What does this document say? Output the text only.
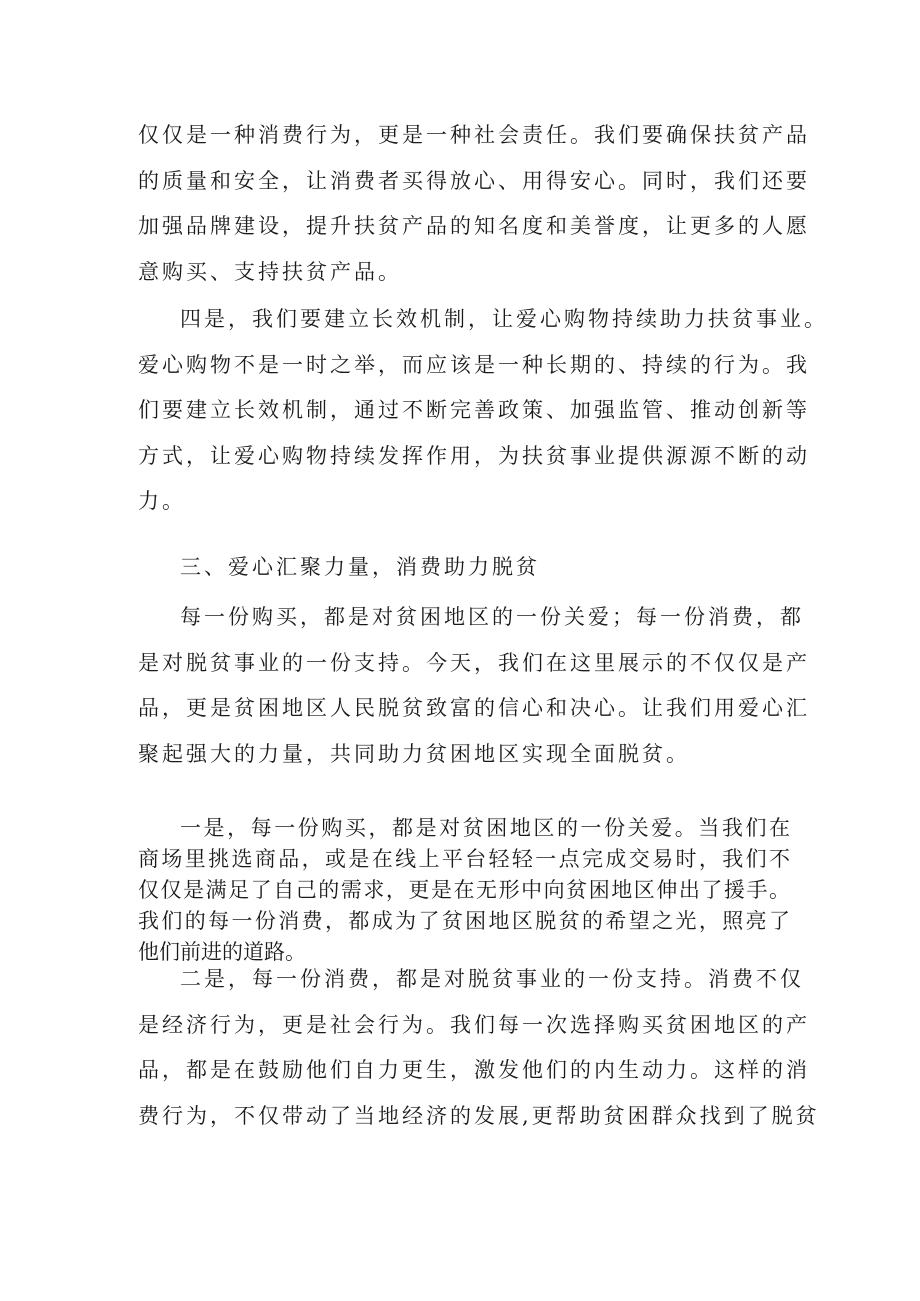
仅仅是一种消费行为，更是一种社会责任。我们要确保扶贫产品
的质量和安全，让消费者买得放心、用得安心。同时，我们还要
加强品牌建设，提升扶贫产品的知名度和美誉度，让更多的人愿
意购买、支持扶贫产品。
四是，我们要建立长效机制，让爱心购物持续助力扶贫事业。
爱心购物不是一时之举，而应该是一种长期的、持续的行为。我
们要建立长效机制，通过不断完善政策、加强监管、推动创新等
方式，让爱心购物持续发挥作用，为扶贫事业提供源源不断的动
力。
三、爱心汇聚力量，消费助力脱贫
每一份购买，都是对贫困地区的一份关爱；每一份消费，都
是对脱贫事业的一份支持。今天，我们在这里展示的不仅仅是产
品，更是贫困地区人民脱贫致富的信心和决心。让我们用爱心汇
聚起强大的力量，共同助力贫困地区实现全面脱贫。
一是，每一份购买，都是对贫困地区的一份关爱。当我们在
商场里挑选商品，或是在线上平台轻轻一点完成交易时，我们不
仅仅是满足了自己的需求，更是在无形中向贫困地区伸出了援手。
我们的每一份消费，都成为了贫困地区脱贫的希望之光，照亮了
他们前进的道路。
二是，每一份消费，都是对脱贫事业的一份支持。消费不仅
是经济行为，更是社会行为。我们每一次选择购买贫困地区的产
品，都是在鼓励他们自力更生，激发他们的内生动力。这样的消
费行为，不仅带动了当地经济的发展,更帮助贫困群众找到了脱贫
